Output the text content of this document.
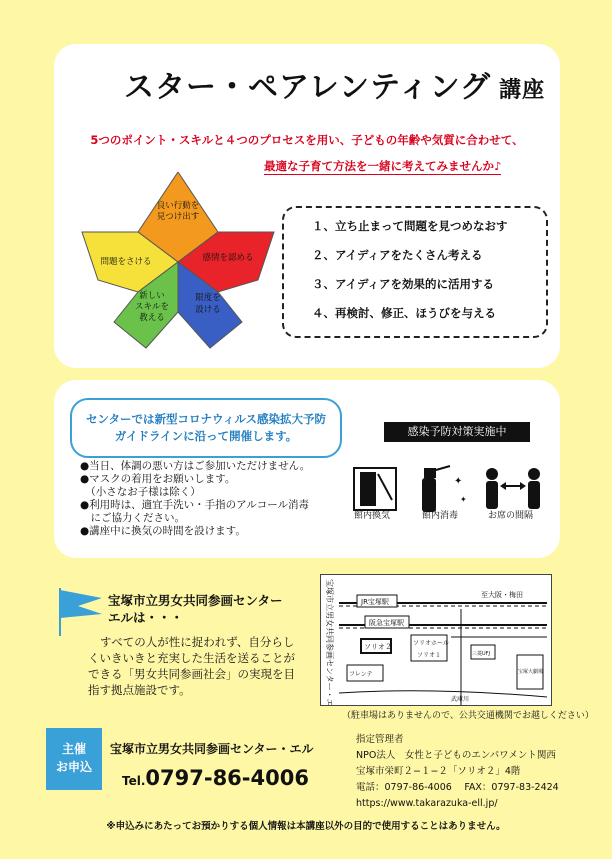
スター・ペアレンティング 講座
5つのポイント・スキルと４つのプロセスを用い、子どもの年齢や気質に合わせて、
最適な子育て方法を一緒に考えてみませんか♪
良い行動を
見つけ出す
問題をさける	感情を認める
新しい
スキルを
教える
限度を
設ける
１、立ち止まって問題を見つめなおす
２、アイディアをたくさん考える
３、アイディアを効果的に活用する
４、再検討、修正、ほうびを与える

センターでは新型コロナウィルス感染拡大予防

ガイドラインに沿って開催します。	感染予防対策実施中
●当日、体調の悪い方はご参加いただけません。
●マスクの着用をお願いします。
　（小さなお子様は除く）
●利用時は、適宜手洗い・手指のアルコール消毒
　にご協力ください。
●講座中に換気の時間を設けます。
✦
✦
館内換気	館内消毒	お席の間隔
宝塚市立男女共同参画センター
エルは・・・

すべての人が性に捉われず、自分らし

くいきいきと充実した生活を送ることが

できる「男女共同参画社会」の実現を目

指す拠点施設です。	宝塚市立男女共同参画センター・エル	JR宝塚駅
至大阪・梅田
阪急宝塚駅
ソリオ２	ソリオホール
ソリオ１
フレンテ
三菱UFJ
宝塚大劇場
武庫川
（駐車場はありませんので、公共交通機関でお越しください）

主催

お申込

宝塚市立男女共同参画センター・エル
Tel.0797-86-4006

指定管理者

NPO法人　女性と子どものエンパワメント関西

宝塚市栄町２−１−２「ソリオ２」4階

電話：0797-86-4006　 FAX：0797-83-2424

https://www.takarazuka-ell.jp/

※申込みにあたってお預かりする個人情報は本講座以外の目的で使用することはありません。
